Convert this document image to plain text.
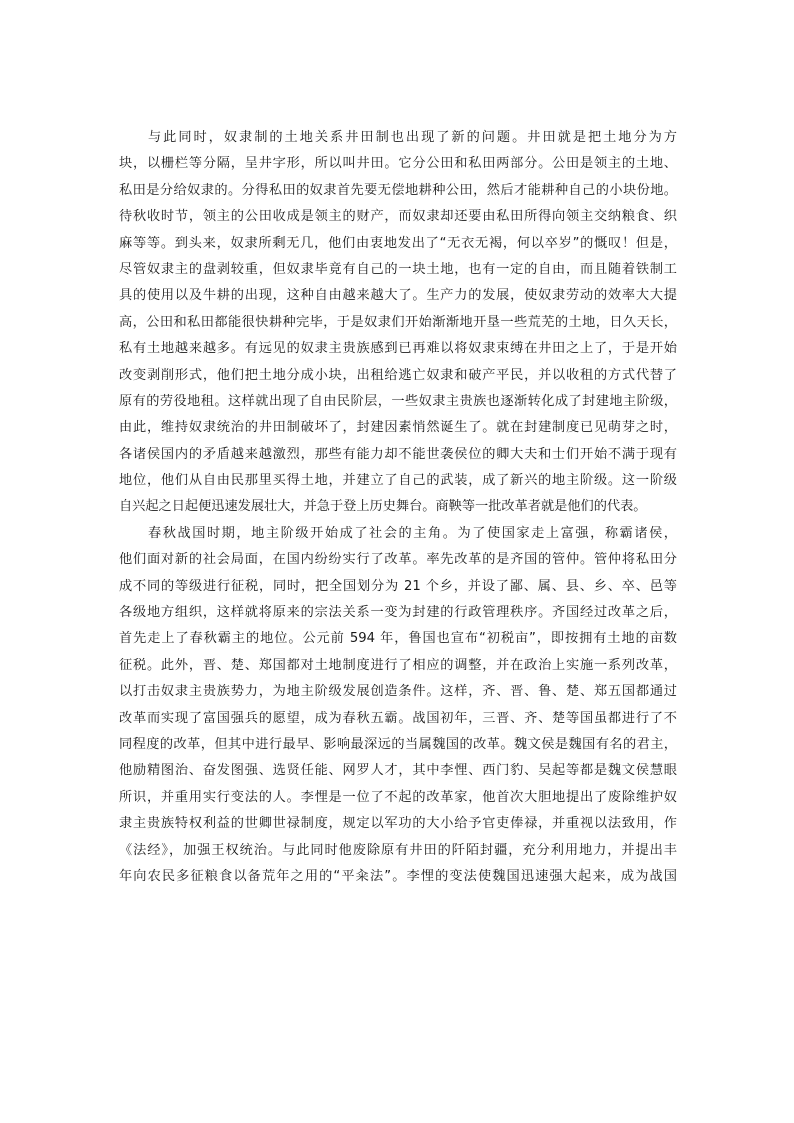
与此同时，奴隶制的土地关系井田制也出现了新的问题。井田就是把土地分为方
块，以栅栏等分隔，呈井字形，所以叫井田。它分公田和私田两部分。公田是领主的土地、
私田是分给奴隶的。分得私田的奴隶首先要无偿地耕种公田，然后才能耕种自己的小块份地。
待秋收时节，领主的公田收成是领主的财产，而奴隶却还要由私田所得向领主交纳粮食、织
麻等等。到头来，奴隶所剩无几，他们由衷地发出了“无衣无褐，何以卒岁”的慨叹！但是，
尽管奴隶主的盘剥较重，但奴隶毕竟有自己的一块土地，也有一定的自由，而且随着铁制工
具的使用以及牛耕的出现，这种自由越来越大了。生产力的发展，使奴隶劳动的效率大大提
高，公田和私田都能很快耕种完毕，于是奴隶们开始渐渐地开垦一些荒芜的土地，日久天长，
私有土地越来越多。有远见的奴隶主贵族感到已再难以将奴隶束缚在井田之上了，于是开始
改变剥削形式，他们把土地分成小块，出租给逃亡奴隶和破产平民，并以收租的方式代替了
原有的劳役地租。这样就出现了自由民阶层，一些奴隶主贵族也逐渐转化成了封建地主阶级，
由此，维持奴隶统治的井田制破坏了，封建因素悄然诞生了。就在封建制度已见萌芽之时，
各诸侯国内的矛盾越来越激烈，那些有能力却不能世袭侯位的卿大夫和士们开始不满于现有
地位，他们从自由民那里买得土地，并建立了自己的武装，成了新兴的地主阶级。这一阶级
自兴起之日起便迅速发展壮大，并急于登上历史舞台。商鞅等一批改革者就是他们的代表。
春秋战国时期，地主阶级开始成了社会的主角。为了使国家走上富强，称霸诸侯，
他们面对新的社会局面，在国内纷纷实行了改革。率先改革的是齐国的管仲。管仲将私田分
成不同的等级进行征税，同时，把全国划分为 21 个乡，并设了鄙、属、县、乡、卒、邑等
各级地方组织，这样就将原来的宗法关系一变为封建的行政管理秩序。齐国经过改革之后，
首先走上了春秋霸主的地位。公元前 594 年，鲁国也宣布“初税亩”，即按拥有土地的亩数
征税。此外，晋、楚、郑国都对土地制度进行了相应的调整，并在政治上实施一系列改革，
以打击奴隶主贵族势力，为地主阶级发展创造条件。这样，齐、晋、鲁、楚、郑五国都通过
改革而实现了富国强兵的愿望，成为春秋五霸。战国初年，三晋、齐、楚等国虽都进行了不
同程度的改革，但其中进行最早、影响最深远的当属魏国的改革。魏文侯是魏国有名的君主，
他励精图治、奋发图强、选贤任能、网罗人才，其中李悝、西门豹、吴起等都是魏文侯慧眼
所识，并重用实行变法的人。李悝是一位了不起的改革家，他首次大胆地提出了废除维护奴
隶主贵族特权利益的世卿世禄制度，规定以军功的大小给予官吏俸禄，并重视以法致用，作
《法经》，加强王权统治。与此同时他废除原有井田的阡陌封疆，充分利用地力，并提出丰
年向农民多征粮食以备荒年之用的“平籴法”。李悝的变法使魏国迅速强大起来，成为战国
